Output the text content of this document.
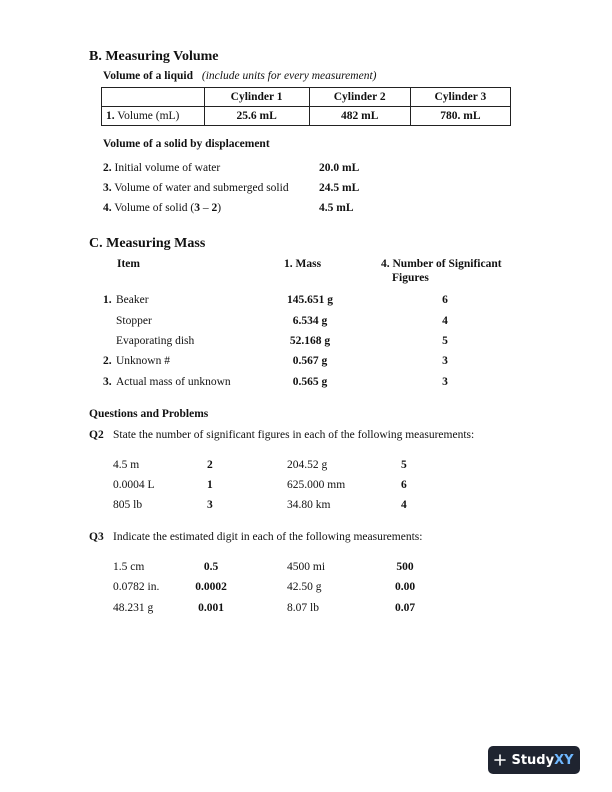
B. Measuring Volume
Volume of a liquid (include units for every measurement)
	Cylinder 1	Cylinder 2	Cylinder 3
1. Volume (mL)	25.6 mL	482 mL	780. mL
Volume of a solid by displacement
2. Initial volume of water	20.0 mL
3. Volume of water and submerged solid	24.5 mL
4. Volume of solid (3 – 2)	4.5 mL
C. Measuring Mass
Item	1. Mass	4. Number of Significant
Figures
1. Beaker	145.651 g	6
Stopper	6.534 g	4
Evaporating dish	52.168 g	5
2. Unknown #	0.567 g	3
3. Actual mass of unknown	0.565 g	3
Questions and Problems
Q2 State the number of significant figures in each of the following measurements:
4.5 m	2	204.52 g	5
0.0004 L	1	625.000 mm	6
805 lb	3	34.80 km	4
Q3 Indicate the estimated digit in each of the following measurements:
1.5 cm	0.5	4500 mi	500
0.0782 in.	0.0002	42.50 g	0.00
48.231 g	0.001	8.07 lb	0.07
StudyXY
